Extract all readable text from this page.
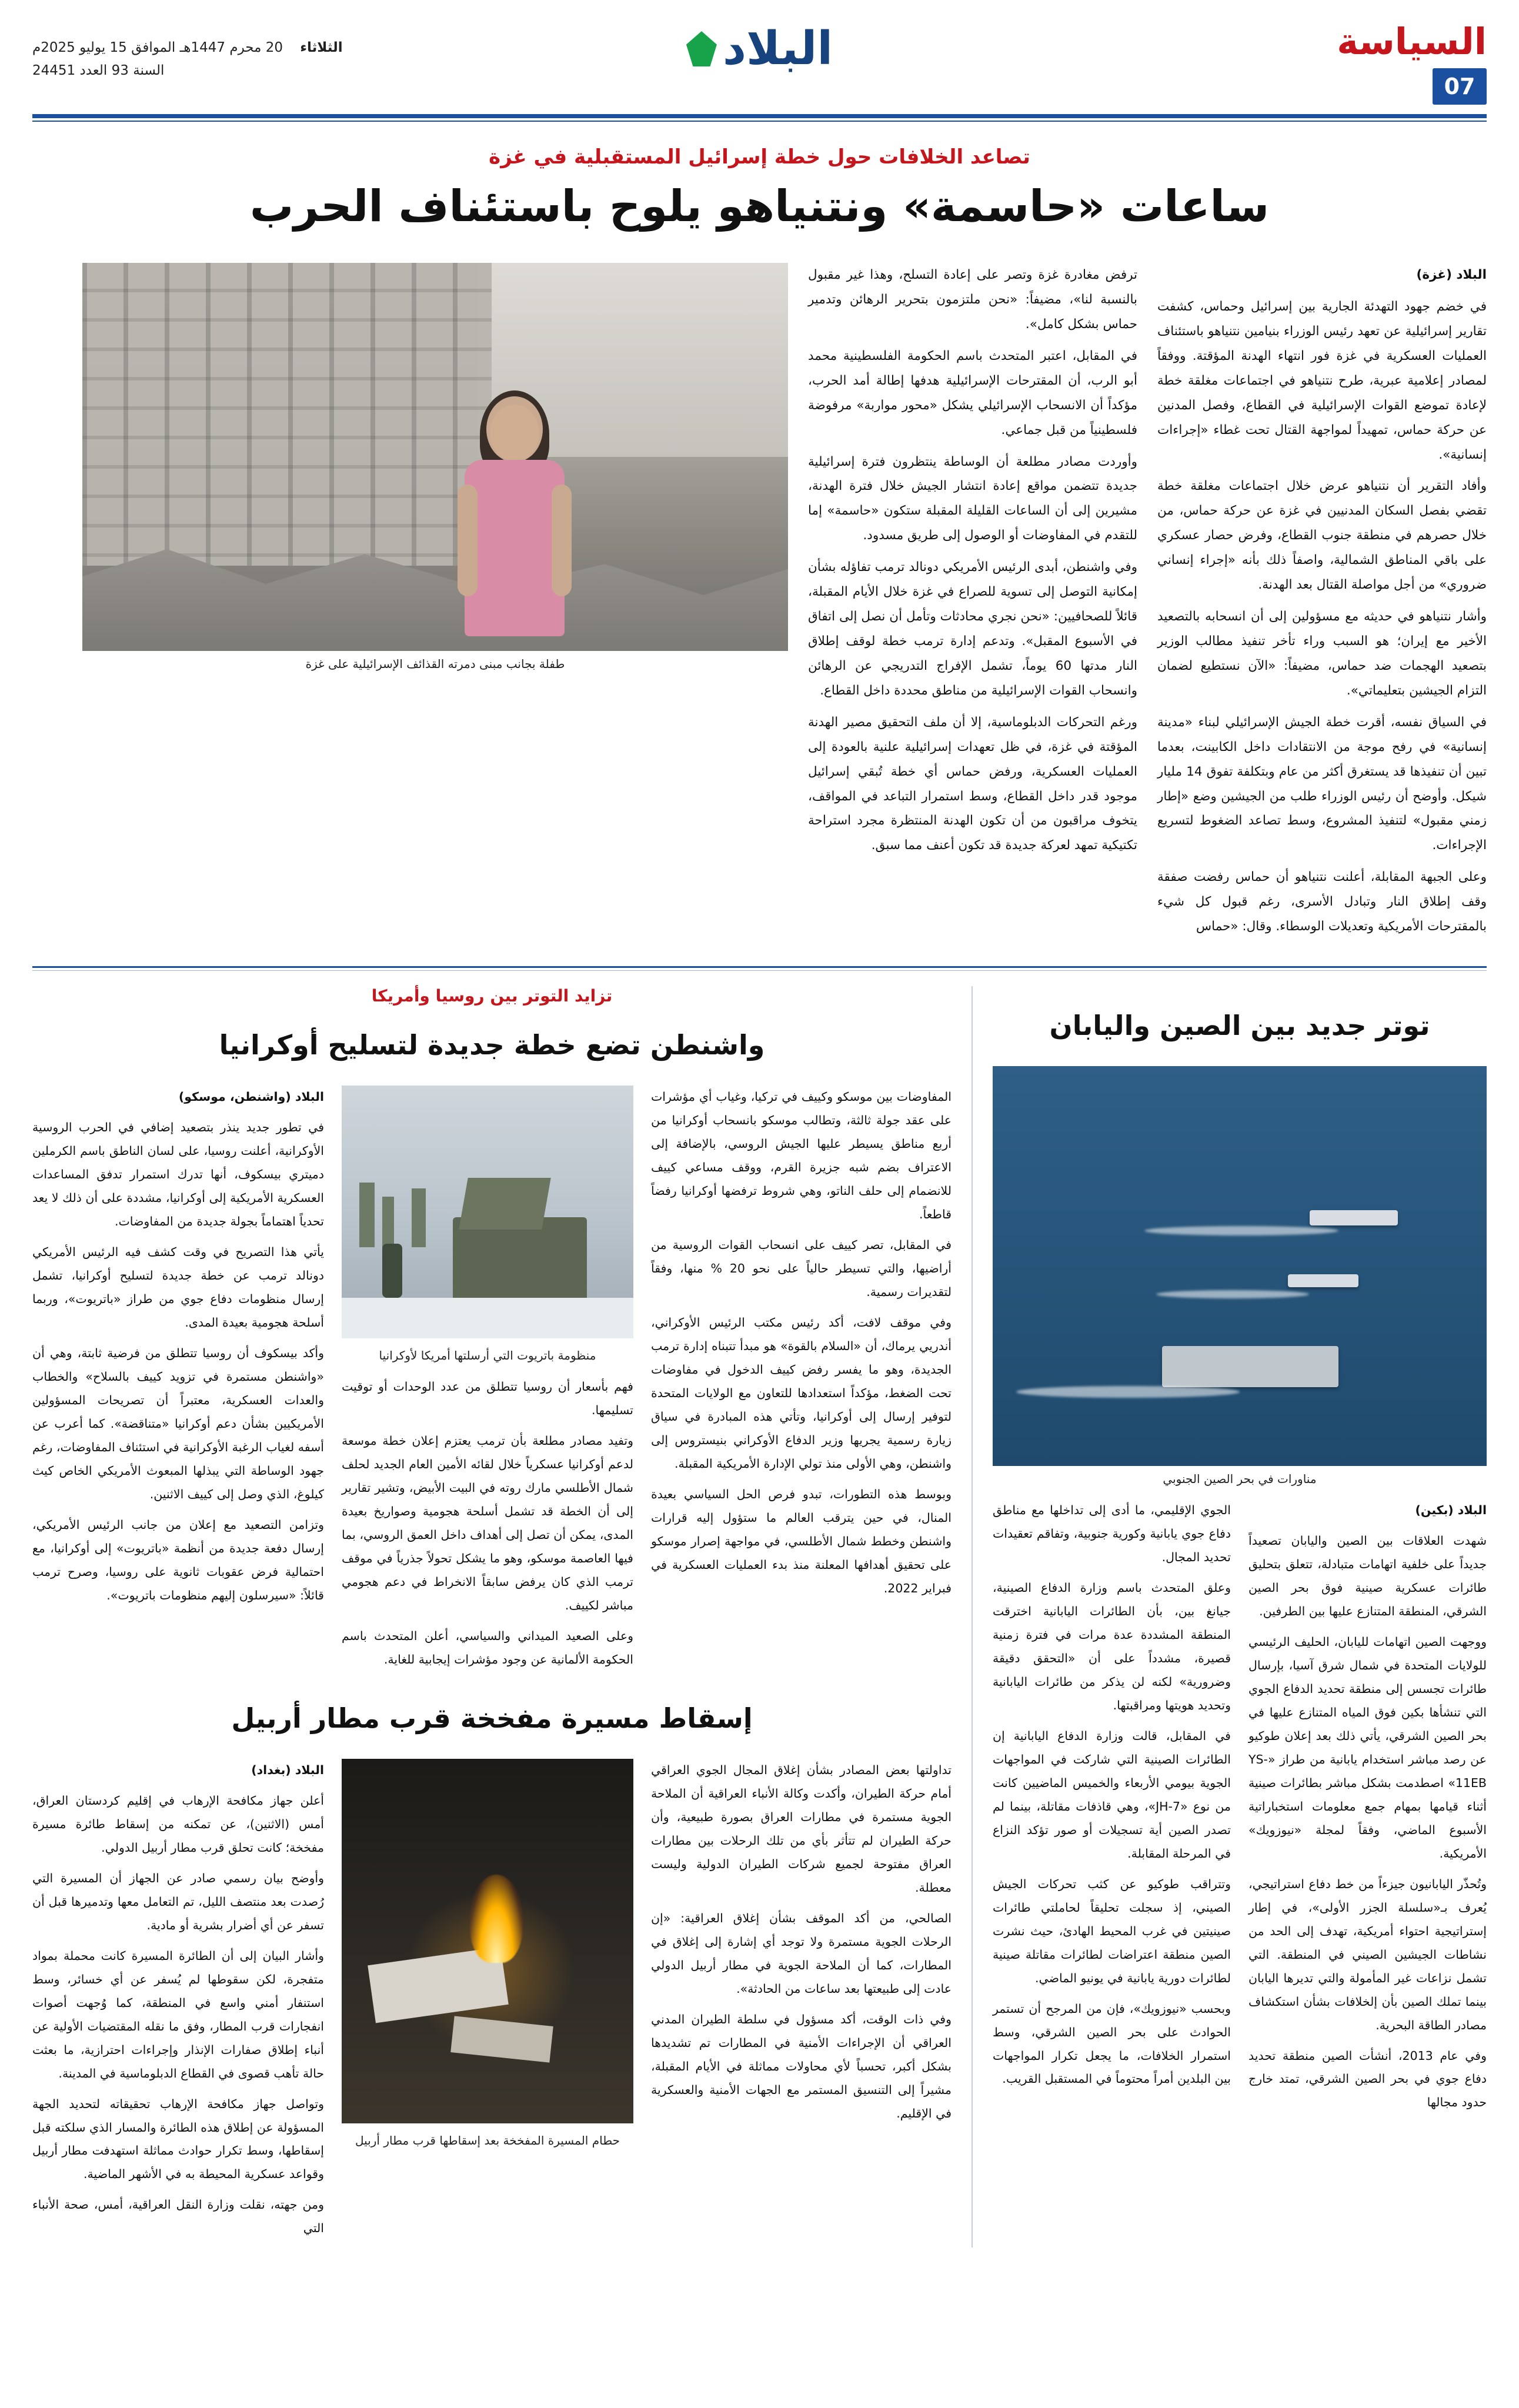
السياسة
07
البلاد
الثلاثاء    20 محرم 1447هـ الموافق 15 يوليو 2025م
السنة 93 العدد 24451
تصاعد الخلافات حول خطة إسرائيل المستقبلية في غزة
ساعات «حاسمة» ونتنياهو يلوح باستئناف الحرب

البلاد (غزة)

في خضم جهود التهدئة الجارية بين إسرائيل وحماس، كشفت تقارير إسرائيلية عن تعهد رئيس الوزراء بنيامين نتنياهو باستئناف العمليات العسكرية في غزة فور انتهاء الهدنة المؤقتة. ووفقاً لمصادر إعلامية عبرية، طرح نتنياهو في اجتماعات مغلقة خطة لإعادة تموضع القوات الإسرائيلية في القطاع، وفصل المدنين عن حركة حماس، تمهيداً لمواجهة القتال تحت غطاء «إجراءات إنسانية».

وأفاد التقرير أن نتنياهو عرض خلال اجتماعات مغلقة خطة تقضي بفصل السكان المدنيين في غزة عن حركة حماس، من خلال حصرهم في منطقة جنوب القطاع، وفرض حصار عسكري على باقي المناطق الشمالية، واصفاً ذلك بأنه «إجراء إنساني ضروري» من أجل مواصلة القتال بعد الهدنة.

وأشار نتنياهو في حديثه مع مسؤولين إلى أن انسحابه بالتصعيد الأخير مع إيران؛ هو السبب وراء تأخر تنفيذ مطالب الوزير بتصعيد الهجمات ضد حماس، مضيفاً: «الآن نستطيع لضمان التزام الجيشين بتعليماتي».

في السياق نفسه، أقرت خطة الجيش الإسرائيلي لبناء «مدينة إنسانية» في رفح موجة من الانتقادات داخل الكابينت، بعدما تبين أن تنفيذها قد يستغرق أكثر من عام وبتكلفة تفوق 14 مليار شيكل. وأوضح أن رئيس الوزراء طلب من الجيشين وضع «إطار زمني مقبول» لتنفيذ المشروع، وسط تصاعد الضغوط لتسريع الإجراءات.

وعلى الجبهة المقابلة، أعلنت نتنياهو أن حماس رفضت صفقة وقف إطلاق النار وتبادل الأسرى، رغم قبول كل شيء بالمقترحات الأمريكية وتعديلات الوسطاء. وقال: «حماس

ترفض مغادرة غزة وتصر على إعادة التسلح، وهذا غير مقبول بالنسبة لنا»، مضيفاً: «نحن ملتزمون بتحرير الرهائن وتدمير حماس بشكل كامل».

في المقابل، اعتبر المتحدث باسم الحكومة الفلسطينية محمد أبو الرب، أن المقترحات الإسرائيلية هدفها إطالة أمد الحرب، مؤكداً أن الانسحاب الإسرائيلي يشكل «محور مواربة» مرفوضة فلسطينياً من قبل جماعي.

وأوردت مصادر مطلعة أن الوساطة ينتظرون فترة إسرائيلية جديدة تتضمن مواقع إعادة انتشار الجيش خلال فترة الهدنة، مشيرين إلى أن الساعات القليلة المقبلة ستكون «حاسمة» إما للتقدم في المفاوضات أو الوصول إلى طريق مسدود.

وفي واشنطن، أبدى الرئيس الأمريكي دونالد ترمب تفاؤله بشأن إمكانية التوصل إلى تسوية للصراع في غزة خلال الأيام المقبلة، قائلاً للصحافيين: «نحن نجري محادثات وتأمل أن نصل إلى اتفاق في الأسبوع المقبل». وتدعم إدارة ترمب خطة لوقف إطلاق النار مدتها 60 يوماً، تشمل الإفراج التدريجي عن الرهائن وانسحاب القوات الإسرائيلية من مناطق محددة داخل القطاع.

ورغم التحركات الدبلوماسية، إلا أن ملف التحقيق مصير الهدنة المؤقتة في غزة، في ظل تعهدات إسرائيلية علنية بالعودة إلى العمليات العسكرية، ورفض حماس أي خطة تُبقي إسرائيل موجود قدر داخل القطاع، وسط استمرار التباعد في المواقف، يتخوف مراقبون من أن تكون الهدنة المنتظرة مجرد استراحة تكتيكية تمهد لعركة جديدة قد تكون أعنف مما سبق.

طفلة بجانب مبنى دمرته القذائف الإسرائيلية على غزة
توتر جديد بين الصين واليابان
مناورات في بحر الصين الجنوبي

البلاد (بكين)

شهدت العلاقات بين الصين واليابان تصعيداً جديداً على خلفية اتهامات متبادلة، تتعلق بتحليق طائرات عسكرية صينية فوق بحر الصين الشرقي، المنطقة المتنازع عليها بين الطرفين.

ووجهت الصين اتهامات لليابان، الحليف الرئيسي للولايات المتحدة في شمال شرق آسيا، بإرسال طائرات تجسس إلى منطقة تحديد الدفاع الجوي التي تنشأها بكين فوق المياه المتنازع عليها في بحر الصين الشرقي، يأتي ذلك بعد إعلان طوكيو عن رصد مباشر استخدام يابانية من طراز «YS-11EB» اصطدمت بشكل مباشر بطائرات صينية أثناء قيامها بمهام جمع معلومات استخباراتية الأسبوع الماضي، وفقاً لمجلة «نيوزويك» الأمريكية.

وتُحذّر اليابانيون جيزءاً من خط دفاع استراتيجي، يُعرف بـ«سلسلة الجزر الأولى»، في إطار إستراتيجية احتواء أمريكية، تهدف إلى الحد من نشاطات الجيشين الصيني في المنطقة. التي تشمل نزاعات غير المأمولة والتي تديرها اليابان بينما تملك الصين بأن إلخلافات بشأن استكشاف مصادر الطاقة البحرية.

وفي عام 2013، أنشأت الصين منطقة تحديد دفاع جوي في بحر الصين الشرقي، تمتد خارج حدود مجالها

الجوي الإقليمي، ما أدى إلى تداخلها مع مناطق دفاع جوي يابانية وكورية جنوبية، وتفاقم تعقيدات تحديد المجال.

وعلق المتحدث باسم وزارة الدفاع الصينية، جيانغ بين، بأن الطائرات اليابانية اخترقت المنطقة المشددة عدة مرات في فترة زمنية قصيرة، مشدداً على أن «التحقق دقيقة وضرورية» لكنه لن يذكر من طائرات اليابانية وتحديد هويتها ومراقبتها.

في المقابل، قالت وزارة الدفاع اليابانية إن الطائرات الصينية التي شاركت في المواجهات الجوية بيومي الأربعاء والخميس الماضيين كانت من نوع «JH-7»، وهي قاذفات مقاتلة، بينما لم تصدر الصين أية تسجيلات أو صور تؤكد النزاع في المرحلة المقابلة.

وتتراقب طوكيو عن كثب تحركات الجيش الصيني، إذ سجلت تحليقاً لحاملتي طائرات صينيتين في غرب المحيط الهادئ، حيث نشرت الصين منطقة اعتراضات لطائرات مقاتلة صينية لطائرات دورية يابانية في يونيو الماضي.

وبحسب «نيوزويك»، فإن من المرجح أن تستمر الحوادث على بحر الصين الشرقي، وسط استمرار الخلافات، ما يجعل تكرار المواجهات بين البلدين أمراً محتوماً في المستقبل القريب.

تزايد التوتر بين روسيا وأمريكا
واشنطن تضع خطة جديدة لتسليح أوكرانيا

المفاوضات بين موسكو وكييف في تركيا، وغياب أي مؤشرات على عقد جولة ثالثة، وتطالب موسكو بانسحاب أوكرانيا من أربع مناطق يسيطر عليها الجيش الروسي، بالإضافة إلى الاعتراف بضم شبه جزيرة القرم، ووقف مساعي كييف للانضمام إلى حلف الناتو، وهي شروط ترفضها أوكرانيا رفضاً قاطعاً.

في المقابل، تصر كييف على انسحاب القوات الروسية من أراضيها، والتي تسيطر حالياً على نحو 20 % منها، وفقاً لتقديرات رسمية.

وفي موقف لافت، أكد رئيس مكتب الرئيس الأوكراني، أندريي يرماك، أن «السلام بالقوة» هو مبدأ تتبناه إدارة ترمب الجديدة، وهو ما يفسر رفض كييف الدخول في مفاوضات تحت الضغط، مؤكداً استعدادها للتعاون مع الولايات المتحدة لتوفير إرسال إلى أوكرانيا، وتأتي هذه المبادرة في سياق زيارة رسمية يجريها وزير الدفاع الأوكراني بنيستروس إلى واشنطن، وهي الأولى منذ تولي الإدارة الأمريكية المقبلة.

وبوسط هذه التطورات، تبدو فرص الحل السياسي بعيدة المنال، في حين يترقب العالم ما ستؤول إليه قرارات واشنطن وخطط شمال الأطلسي، في مواجهة إصرار موسكو على تحقيق أهدافها المعلنة منذ بدء العمليات العسكرية في فبراير 2022.

منظومة باتريوت التي أرسلتها أمريكا لأوكرانيا

فهم بأسعار أن روسيا تتطلق من عدد الوحدات أو توقيت تسليمها.

وتفيد مصادر مطلعة بأن ترمب يعتزم إعلان خطة موسعة لدعم أوكرانيا عسكرياً خلال لقائه الأمين العام الجديد لحلف شمال الأطلسي مارك روته في البيت الأبيض، وتشير تقارير إلى أن الخطة قد تشمل أسلحة هجومية وصواريخ بعيدة المدى، يمكن أن تصل إلى أهداف داخل العمق الروسي، بما فيها العاصمة موسكو، وهو ما يشكل تحولاً جذرياً في موقف ترمب الذي كان يرفض سابقاً الانخراط في دعم هجومي مباشر لكييف.

وعلى الصعيد الميداني والسياسي، أعلن المتحدث باسم الحكومة الألمانية عن وجود مؤشرات إيجابية للغاية.

البلاد (واشنطن، موسكو)

في تطور جديد ينذر بتصعيد إضافي في الحرب الروسية الأوكرانية، أعلنت روسيا، على لسان الناطق باسم الكرملين دميتري بيسكوف، أنها تدرك استمرار تدفق المساعدات العسكرية الأمريكية إلى أوكرانيا، مشددة على أن ذلك لا يعد تحدياً اهتماماً بجولة جديدة من المفاوضات.

يأتي هذا التصريح في وقت كشف فيه الرئيس الأمريكي دونالد ترمب عن خطة جديدة لتسليح أوكرانيا، تشمل إرسال منظومات دفاع جوي من طراز «باتريوت»، وربما أسلحة هجومية بعيدة المدى.

وأكد بيسكوف أن روسيا تتطلق من فرضية ثابتة، وهي أن «واشنطن مستمرة في تزويد كييف بالسلاح» والخطاب والعدات العسكرية، معتبراً أن تصريحات المسؤولين الأمريكيين بشأن دعم أوكرانيا «متناقضة». كما أعرب عن أسفه لغياب الرغبة الأوكرانية في استئناف المفاوضات، رغم جهود الوساطة التي يبذلها المبعوث الأمريكي الخاص كيث كيلوغ، الذي وصل إلى كييف الاثنين.

وتزامن التصعيد مع إعلان من جانب الرئيس الأمريكي، إرسال دفعة جديدة من أنظمة «باتريوت» إلى أوكرانيا، مع احتمالية فرض عقوبات ثانوية على روسيا، وصرح ترمب قائلاً: «سيرسلون إليهم منظومات باتريوت».

إسقاط مسيرة مفخخة قرب مطار أربيل

تداولتها بعض المصادر بشأن إغلاق المجال الجوي العراقي أمام حركة الطيران، وأكدت وكالة الأنباء العراقية أن الملاحة الجوية مستمرة في مطارات العراق بصورة طبيعية، وأن حركة الطيران لم تتأثر بأي من تلك الرحلات بين مطارات العراق مفتوحة لجميع شركات الطيران الدولية وليست معطلة.

الصالحي، من أكد الموقف بشأن إغلاق العراقية: «إن الرحلات الجوية مستمرة ولا توجد أي إشارة إلى إغلاق في المطارات، كما أن الملاحة الجوية في مطار أربيل الدولي عادت إلى طبيعتها بعد ساعات من الحادثة».

وفي ذات الوقت، أكد مسؤول في سلطة الطيران المدني العراقي أن الإجراءات الأمنية في المطارات تم تشديدها بشكل أكبر، تحسباً لأي محاولات مماثلة في الأيام المقبلة، مشيراً إلى التنسيق المستمر مع الجهات الأمنية والعسكرية في الإقليم.

حطام المسيرة المفخخة بعد إسقاطها قرب مطار أربيل

البلاد (بغداد)

أعلن جهاز مكافحة الإرهاب في إقليم كردستان العراق، أمس (الاثنين)، عن تمكنه من إسقاط طائرة مسيرة مفخخة؛ كانت تحلق قرب مطار أربيل الدولي.

وأوضح بيان رسمي صادر عن الجهاز أن المسيرة التي رُصدت بعد منتصف الليل، تم التعامل معها وتدميرها قبل أن تسفر عن أي أضرار بشرية أو مادية.

وأشار البيان إلى أن الطائرة المسيرة كانت محملة بمواد متفجرة، لكن سقوطها لم يُسفر عن أي خسائر، وسط استنفار أمني واسع في المنطقة، كما وُجهت أصوات انفجارات قرب المطار، وفق ما نقله المقتضيات الأولية عن أنباء إطلاق صفارات الإنذار وإجراءات احترازية، ما بعثت حالة تأهب قصوى في القطاع الدبلوماسية في المدينة.

وتواصل جهاز مكافحة الإرهاب تحقيقاته لتحديد الجهة المسؤولة عن إطلاق هذه الطائرة والمسار الذي سلكته قبل إسقاطها، وسط تكرار حوادث مماثلة استهدفت مطار أربيل وقواعد عسكرية المحيطة به في الأشهر الماضية.

ومن جهته، نقلت وزارة النقل العراقية، أمس، صحة الأنباء التي
